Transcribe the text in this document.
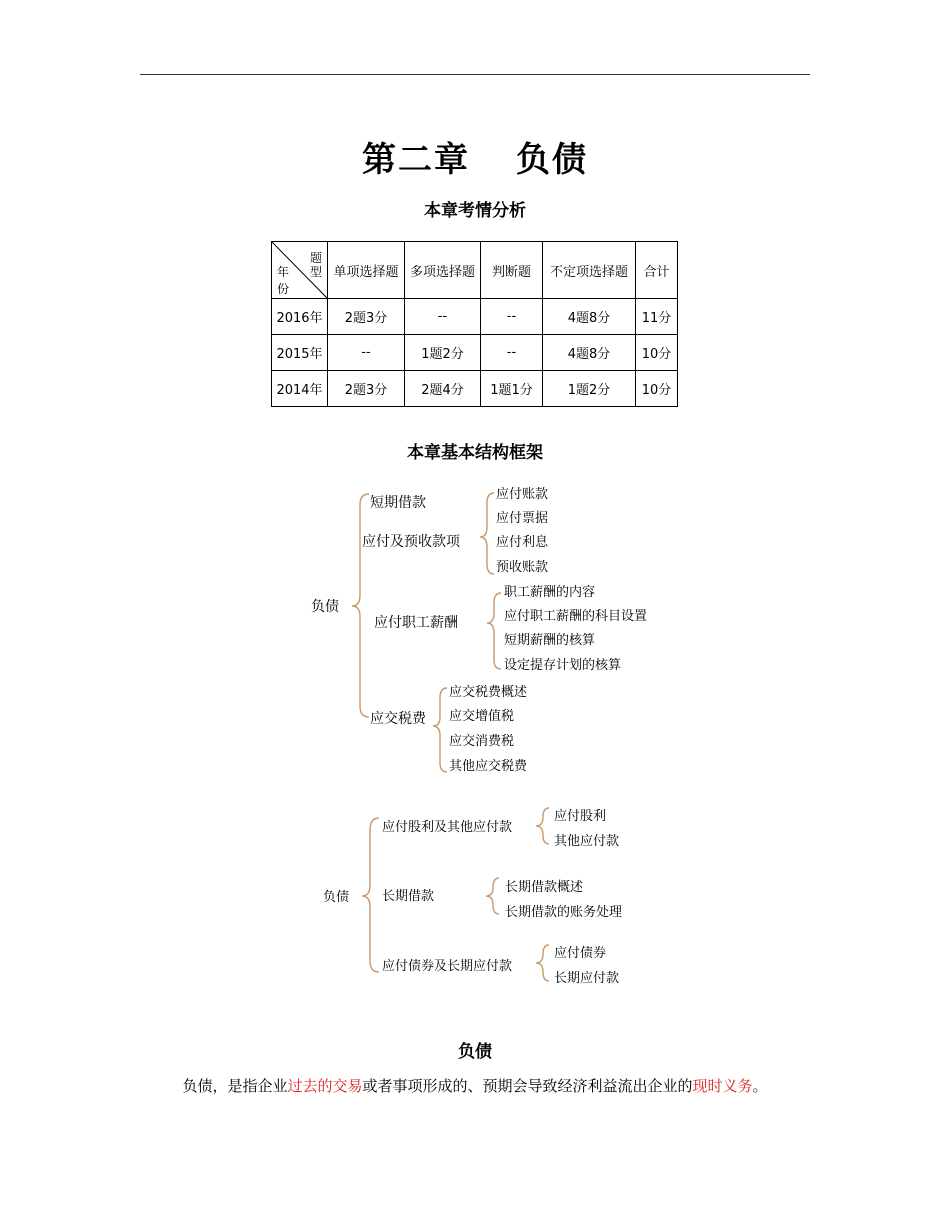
第二章 负债
本章考情分析
题
型
年
份	单项选择题	多项选择题	判断题	不定项选择题	合计
2016年	2题3分	--	--	4题8分	11分
2015年	--	1题2分	--	4题8分	10分
2014年	2题3分	2题4分	1题1分	1题2分	10分
本章基本结构框架
负债
短期借款
应付及预收款项
应付职工薪酬
应交税费
应付账款
应付票据
应付利息
预收账款
职工薪酬的内容
应付职工薪酬的科目设置
短期薪酬的核算
设定提存计划的核算
应交税费概述
应交增值税
应交消费税
其他应交税费
负债
应付股利及其他应付款
长期借款
应付债券及长期应付款
应付股利
其他应付款
长期借款概述
长期借款的账务处理
应付债券
长期应付款
负债
负债，是指企业过去的交易或者事项形成的、预期会导致经济利益流出企业的现时义务。
